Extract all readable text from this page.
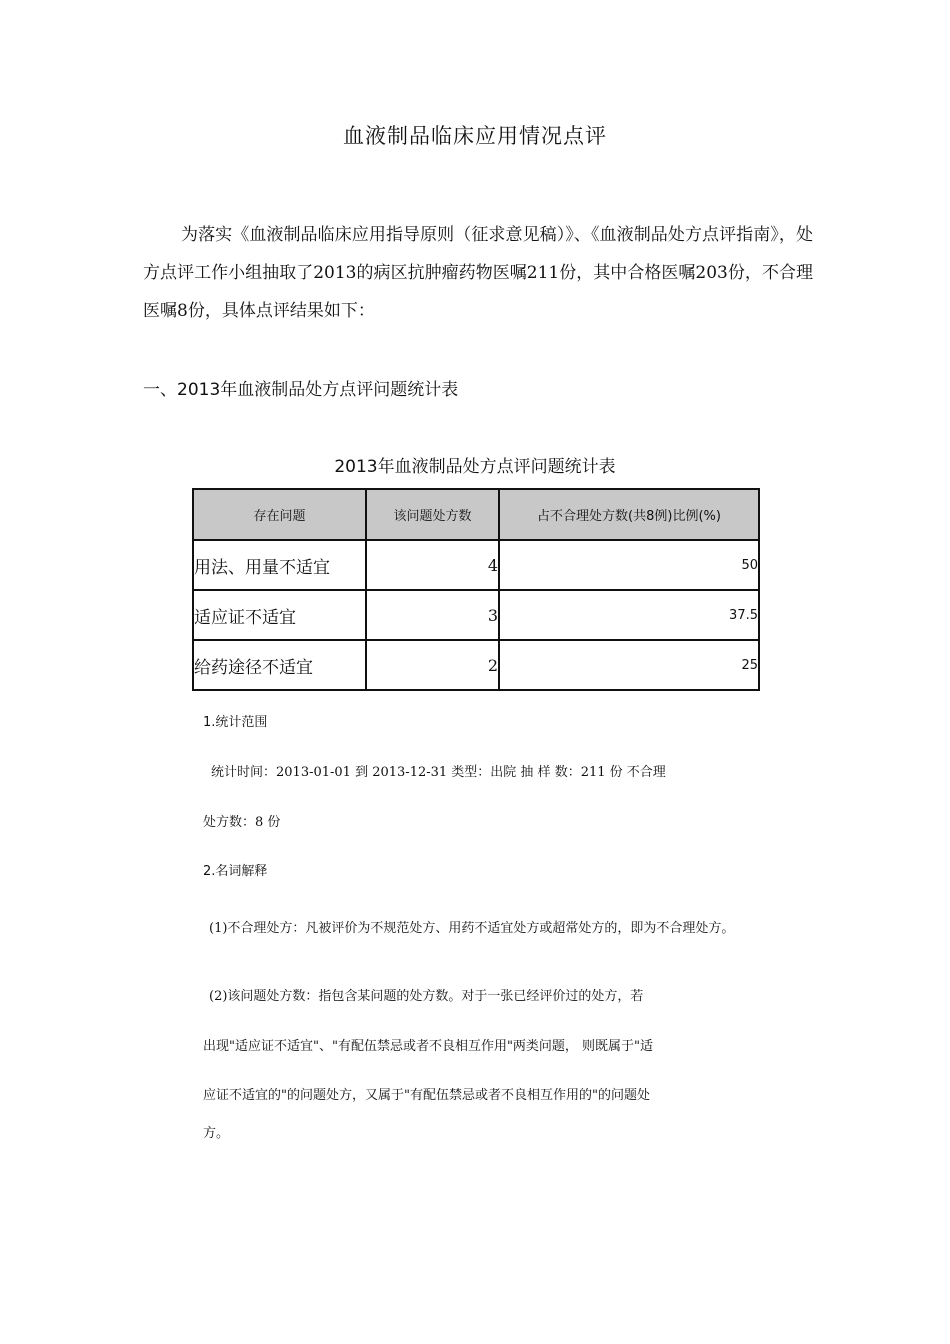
血液制品临床应用情况点评
为落实《血液制品临床应用指导原则（征求意见稿）》、《血液制品处方点评指南》，处方点评工作小组抽取了2013的病区抗肿瘤药物医嘱211份，其中合格医嘱203份，不合理医嘱8份，具体点评结果如下：
一、2013年血液制品处方点评问题统计表
2013年血液制品处方点评问题统计表
存在问题	该问题处方数	占不合理处方数(共8例)比例(%)
用法、用量不适宜	4	50
适应证不适宜	3	37.5
给药途径不适宜	2	25
1.统计范围
统计时间：2013-01-01 到 2013-12-31 类型：出院 抽 样 数：211 份 不合理
处方数：8 份
2.名词解释
(1)不合理处方：凡被评价为不规范处方、用药不适宜处方或超常处方的，即为不合理处方。
(2)该问题处方数：指包含某问题的处方数。对于一张已经评价过的处方，若
出现"适应证不适宜"、"有配伍禁忌或者不良相互作用"两类问题， 则既属于"适
应证不适宜的"的问题处方，又属于"有配伍禁忌或者不良相互作用的"的问题处
方。
